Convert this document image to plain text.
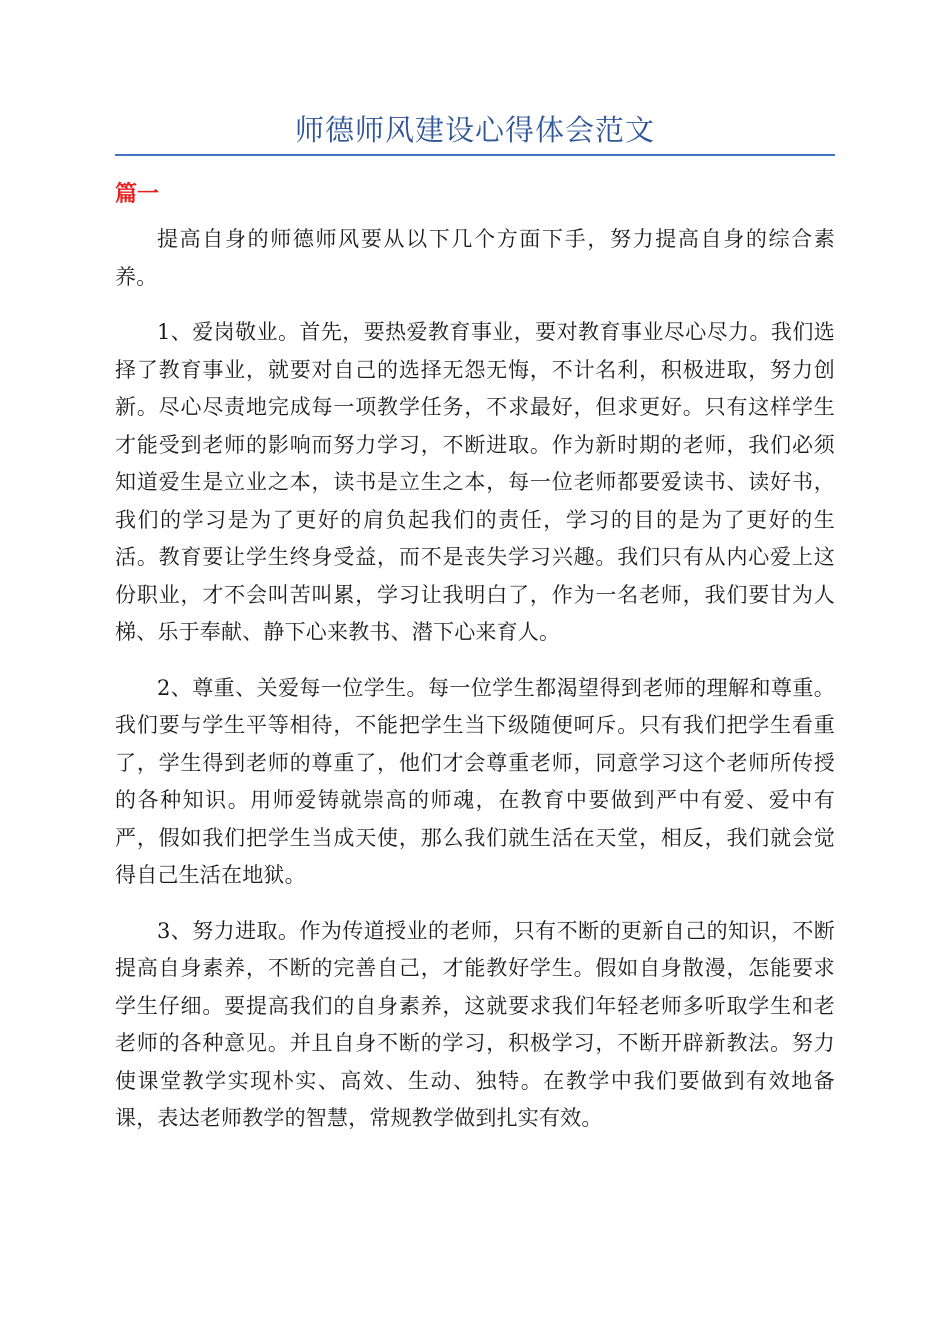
师德师风建设心得体会范文
篇一

提高自身的师德师风要从以下几个方面下手，努力提高自身的综合素养。

1、爱岗敬业。首先，要热爱教育事业，要对教育事业尽心尽力。我们选择了教育事业，就要对自己的选择无怨无悔，不计名利，积极进取，努力创新。尽心尽责地完成每一项教学任务，不求最好，但求更好。只有这样学生才能受到老师的影响而努力学习，不断进取。作为新时期的老师，我们必须知道爱生是立业之本，读书是立生之本，每一位老师都要爱读书、读好书，我们的学习是为了更好的肩负起我们的责任，学习的目的是为了更好的生活。教育要让学生终身受益，而不是丧失学习兴趣。我们只有从内心爱上这份职业，才不会叫苦叫累，学习让我明白了，作为一名老师，我们要甘为人梯、乐于奉献、静下心来教书、潜下心来育人。

2、尊重、关爱每一位学生。每一位学生都渴望得到老师的理解和尊重。我们要与学生平等相待，不能把学生当下级随便呵斥。只有我们把学生看重了，学生得到老师的尊重了，他们才会尊重老师，同意学习这个老师所传授的各种知识。用师爱铸就崇高的师魂，在教育中要做到严中有爱、爱中有严，假如我们把学生当成天使，那么我们就生活在天堂，相反，我们就会觉得自己生活在地狱。

3、努力进取。作为传道授业的老师，只有不断的更新自己的知识，不断提高自身素养，不断的完善自己，才能教好学生。假如自身散漫，怎能要求学生仔细。要提高我们的自身素养，这就要求我们年轻老师多听取学生和老老师的各种意见。并且自身不断的学习，积极学习，不断开辟新教法。努力使课堂教学实现朴实、高效、生动、独特。在教学中我们要做到有效地备课，表达老师教学的智慧，常规教学做到扎实有效。
